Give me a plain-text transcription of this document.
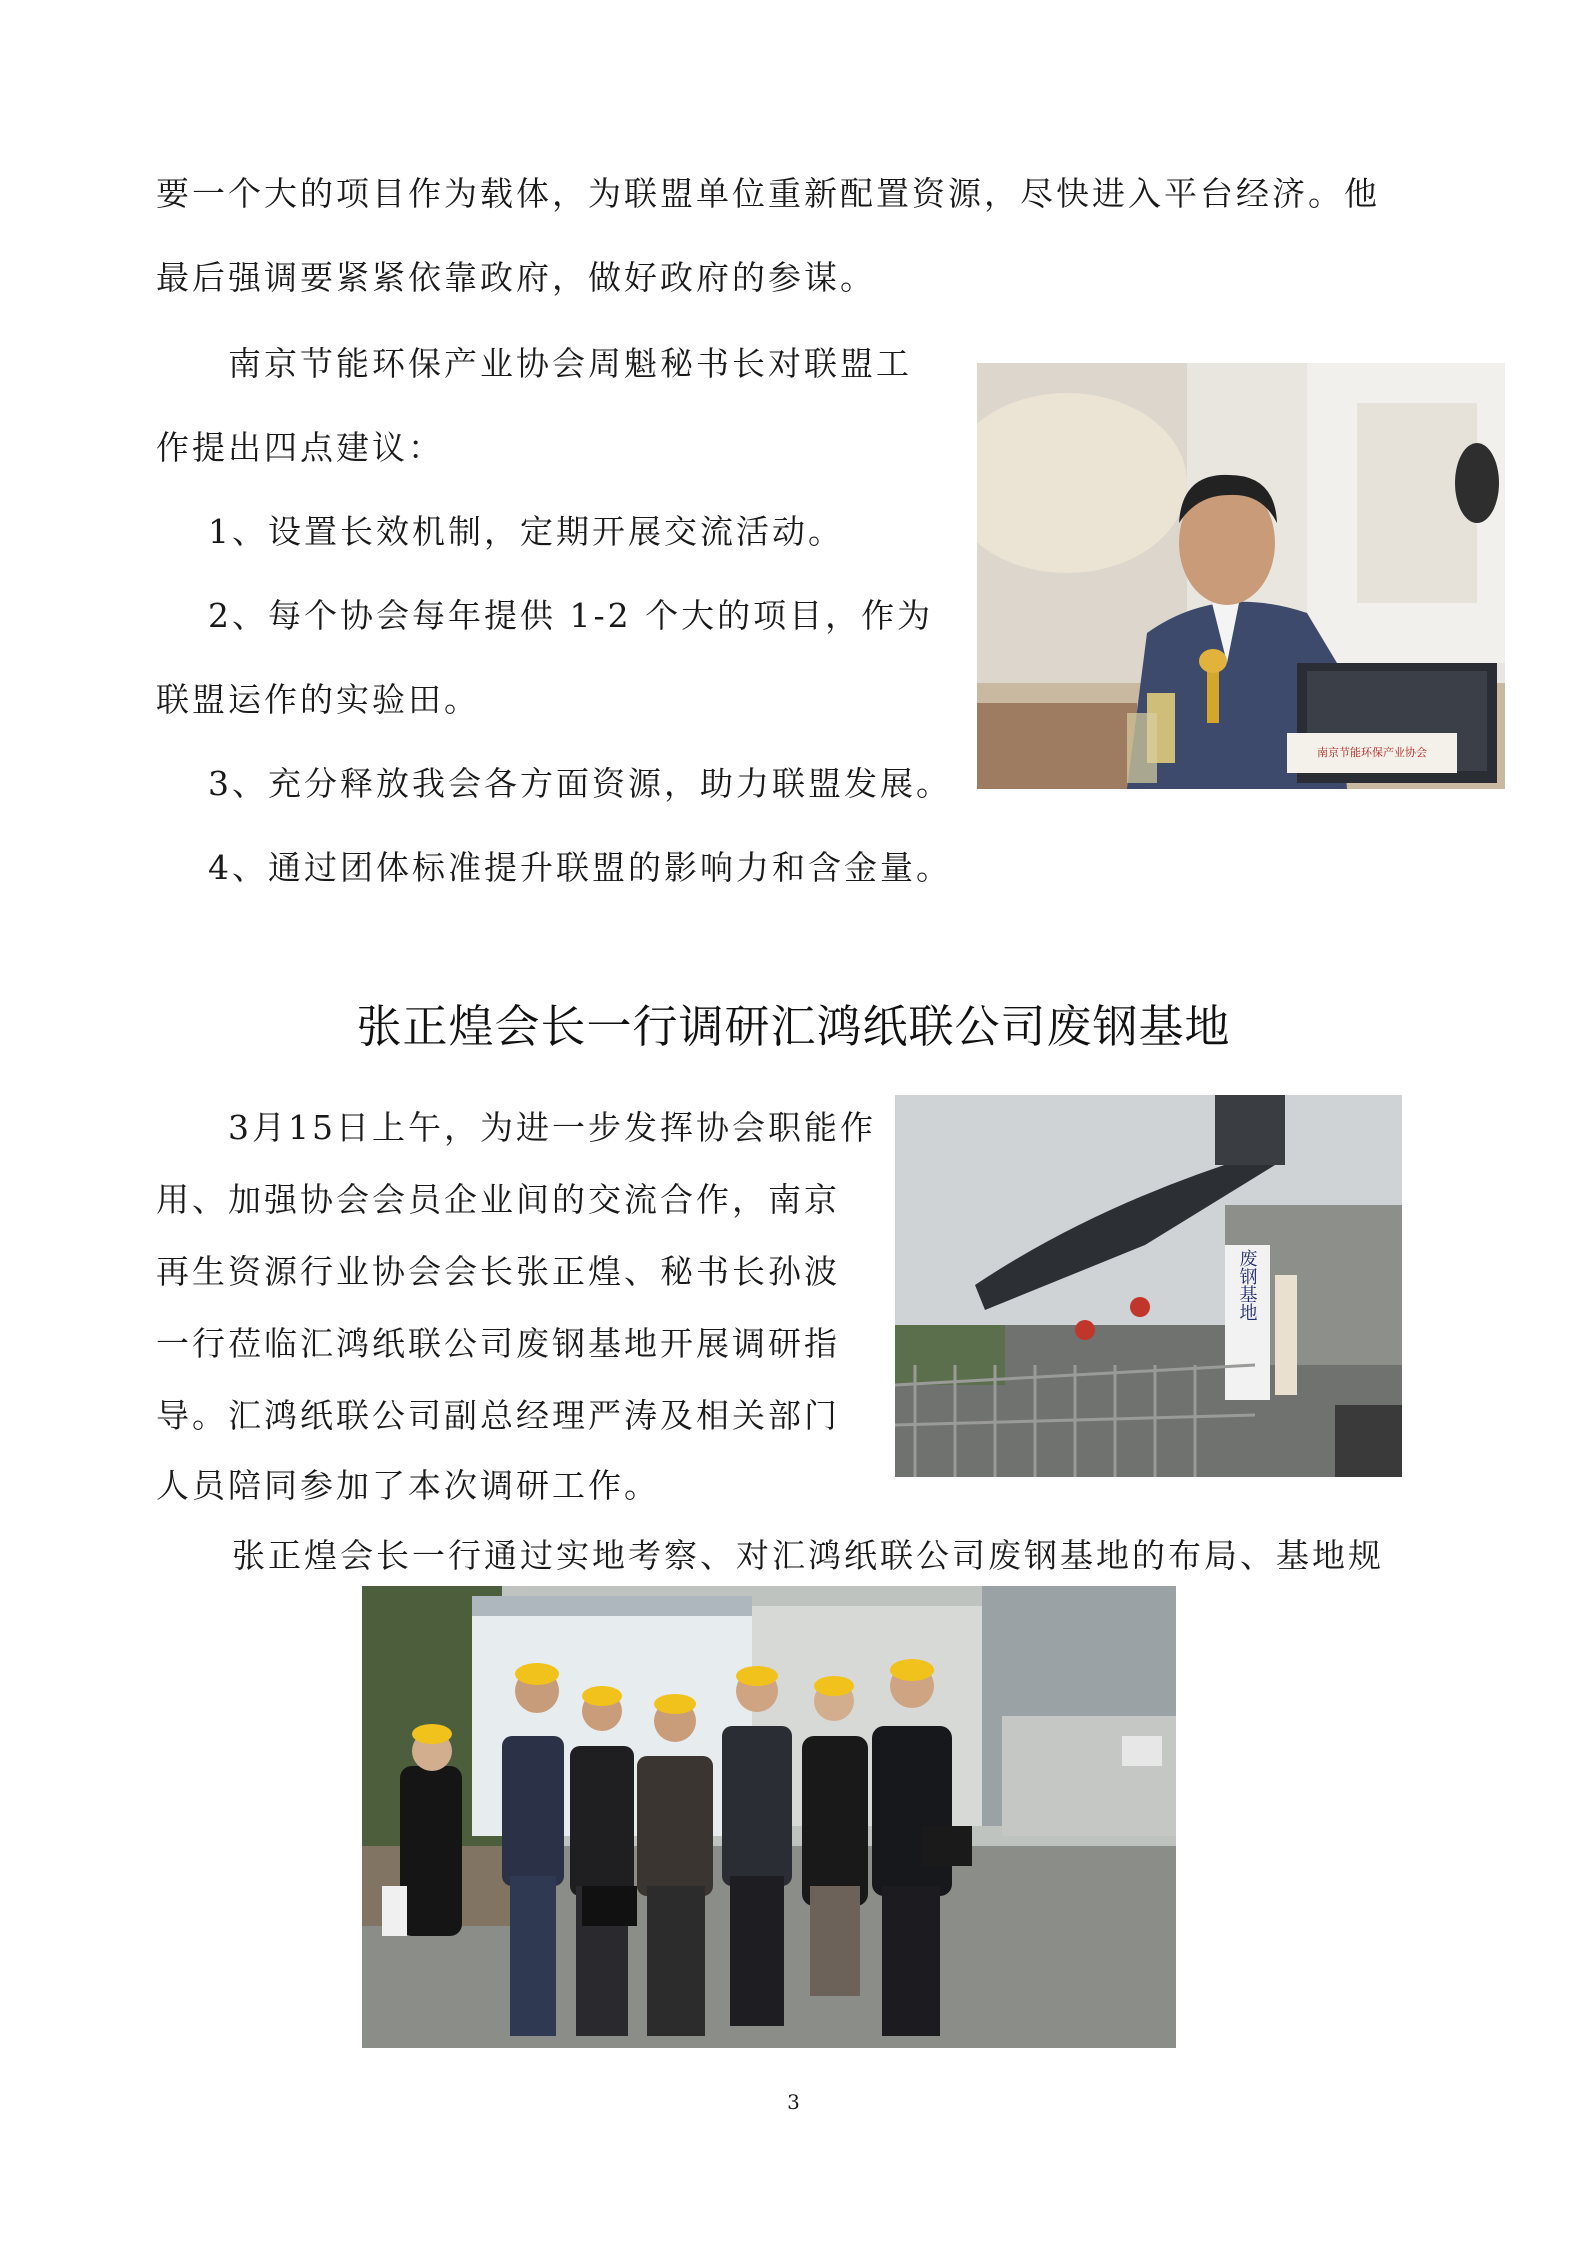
要一个大的项目作为载体，为联盟单位重新配置资源，尽快进入平台经济。他
最后强调要紧紧依靠政府，做好政府的参谋。
南京节能环保产业协会周魁秘书长对联盟工
作提出四点建议：
1、设置长效机制，定期开展交流活动。
2、每个协会每年提供 1-2 个大的项目，作为
联盟运作的实验田。
3、充分释放我会各方面资源，助力联盟发展。
4、通过团体标准提升联盟的影响力和含金量。
南京节能环保产业协会
张正煌会长一行调研汇鸿纸联公司废钢基地
3月15日上午，为进一步发挥协会职能作
用、加强协会会员企业间的交流合作，南京
再生资源行业协会会长张正煌、秘书长孙波
一行莅临汇鸿纸联公司废钢基地开展调研指
导。汇鸿纸联公司副总经理严涛及相关部门
人员陪同参加了本次调研工作。
张正煌会长一行通过实地考察、对汇鸿纸联公司废钢基地的布局、基地规
废钢基地
3
